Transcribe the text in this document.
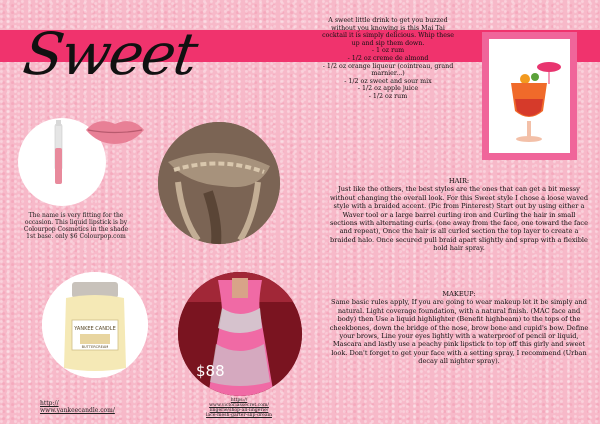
Sweet	A sweet little drink to get you buzzed without you knowing is this Mai Tai cocktail it is simply delicious. Whip these up and sip them down.

- 1 oz rum

- 1/2 oz creme de almond

- 1/2 oz orange liqueur (cointreau, grand marnier...)

- 1/2 oz sweet and sour mix

- 1/2 oz apple juice

- 1/2 oz rum

The name is very fitting for the occasion. This liquid lipstick is by Colourpop Cosmetics in the shade 1st base. only $6 Colourpop.com
YANKEE CANDLE
BUTTERCREAM
http:// www.yankeecandle.com/
$88
https:// www.victoriassecret.com/ lingerie/shop-all-lingerie/ lace-mesh-garter-slip-dream
HAIR:
Just like the others, the best styles are the ones that can get a bit messy without changing the overall look. For this Sweet style I chose a loose waved style with a braided accent. (Pic from Pinterest) Start out by using either a Waver tool or a large barrel curling iron and Curling the hair in small sections with alternating curls. (one away from the face, one toward the face and repeat), Once the hair is all curled section the top layer to create a braided halo. Once secured pull braid apart slightly and sprap with a flexible hold hair spray.
MAKEUP:
Same basic rules apply, If you are going to wear makeup let it be simply and natural. Light coverage foundation, with a natural finish. (MAC face and body) then Use a liquid highlighter (Benefit highbeam) to the tops of the cheekbones, down the bridge of the nose, brow bone and cupid's bow. Define your brows, Line your eyes lightly with a waterproof of pencil or liquid, Mascara and lastly use a peachy pink lipstick to top off this girly and sweet look. Don't forget to get your face with a setting spray, I recommend (Urban decay all nighter spray).
